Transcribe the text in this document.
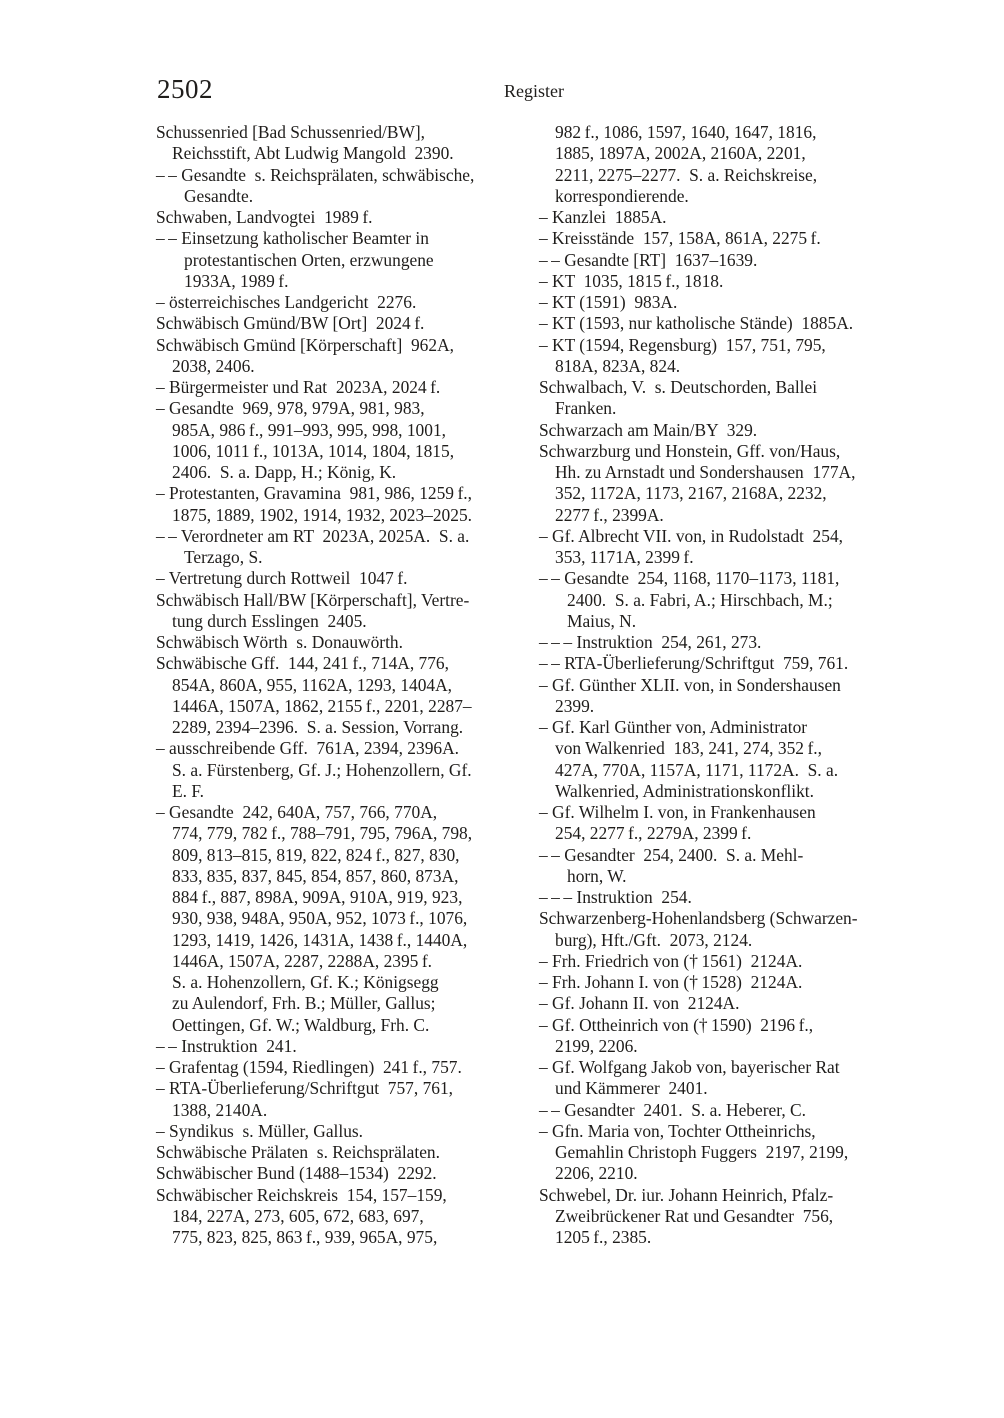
2502	Register
Schussenried [Bad Schussenried/BW],
Reichsstift, Abt Ludwig Mangold  2390.
– – Gesandte  s. Reichsprälaten, schwäbische,
Gesandte.
Schwaben, Landvogtei  1989 f.
– – Einsetzung katholischer Beamter in
protestantischen Orten, erzwungene
1933A, 1989 f.
– österreichisches Landgericht  2276.
Schwäbisch Gmünd/BW [Ort]  2024 f.
Schwäbisch Gmünd [Körperschaft]  962A,
2038, 2406.
– Bürgermeister und Rat  2023A, 2024 f.
– Gesandte  969, 978, 979A, 981, 983,
985A, 986 f., 991–993, 995, 998, 1001,
1006, 1011 f., 1013A, 1014, 1804, 1815,
2406.  S. a. Dapp, H.; König, K.
– Protestanten, Gravamina  981, 986, 1259 f.,
1875, 1889, 1902, 1914, 1932, 2023–2025.
– – Verordneter am RT  2023A, 2025A.  S. a.
Terzago, S.
– Vertretung durch Rottweil  1047 f.
Schwäbisch Hall/BW [Körperschaft], Vertre-
tung durch Esslingen  2405.
Schwäbisch Wörth  s. Donauwörth.
Schwäbische Gff.  144, 241 f., 714A, 776,
854A, 860A, 955, 1162A, 1293, 1404A,
1446A, 1507A, 1862, 2155 f., 2201, 2287–
2289, 2394–2396.  S. a. Session, Vorrang.
– ausschreibende Gff.  761A, 2394, 2396A.
S. a. Fürstenberg, Gf. J.; Hohenzollern, Gf.
E. F.
– Gesandte  242, 640A, 757, 766, 770A,
774, 779, 782 f., 788–791, 795, 796A, 798,
809, 813–815, 819, 822, 824 f., 827, 830,
833, 835, 837, 845, 854, 857, 860, 873A,
884 f., 887, 898A, 909A, 910A, 919, 923,
930, 938, 948A, 950A, 952, 1073 f., 1076,
1293, 1419, 1426, 1431A, 1438 f., 1440A,
1446A, 1507A, 2287, 2288A, 2395 f.
S. a. Hohenzollern, Gf. K.; Königsegg
zu Aulendorf, Frh. B.; Müller, Gallus;
Oettingen, Gf. W.; Waldburg, Frh. C.
– – Instruktion  241.
– Grafentag (1594, Riedlingen)  241 f., 757.
– RTA-Überlieferung/Schriftgut  757, 761,
1388, 2140A.
– Syndikus  s. Müller, Gallus.
Schwäbische Prälaten  s. Reichsprälaten.
Schwäbischer Bund (1488–1534)  2292.
Schwäbischer Reichskreis  154, 157–159,
184, 227A, 273, 605, 672, 683, 697,
775, 823, 825, 863 f., 939, 965A, 975,
982 f., 1086, 1597, 1640, 1647, 1816,
1885, 1897A, 2002A, 2160A, 2201,
2211, 2275–2277.  S. a. Reichskreise,
korrespondierende.
– Kanzlei  1885A.
– Kreisstände  157, 158A, 861A, 2275 f.
– – Gesandte [RT]  1637–1639.
– KT  1035, 1815 f., 1818.
– KT (1591)  983A.
– KT (1593, nur katholische Stände)  1885A.
– KT (1594, Regensburg)  157, 751, 795,
818A, 823A, 824.
Schwalbach, V.  s. Deutschorden, Ballei
Franken.
Schwarzach am Main/BY  329.
Schwarzburg und Honstein, Gff. von/Haus,
Hh. zu Arnstadt und Sondershausen  177A,
352, 1172A, 1173, 2167, 2168A, 2232,
2277 f., 2399A.
– Gf. Albrecht VII. von, in Rudolstadt  254,
353, 1171A, 2399 f.
– – Gesandte  254, 1168, 1170–1173, 1181,
2400.  S. a. Fabri, A.; Hirschbach, M.;
Maius, N.
– – – Instruktion  254, 261, 273.
– – RTA-Überlieferung/Schriftgut  759, 761.
– Gf. Günther XLII. von, in Sondershausen
2399.
– Gf. Karl Günther von, Administrator
von Walkenried  183, 241, 274, 352 f.,
427A, 770A, 1157A, 1171, 1172A.  S. a.
Walkenried, Administrationskonflikt.
– Gf. Wilhelm I. von, in Frankenhausen
254, 2277 f., 2279A, 2399 f.
– – Gesandter  254, 2400.  S. a. Mehl-
horn, W.
– – – Instruktion  254.
Schwarzenberg-Hohenlandsberg (Schwarzen-
burg), Hft./Gft.  2073, 2124.
– Frh. Friedrich von († 1561)  2124A.
– Frh. Johann I. von († 1528)  2124A.
– Gf. Johann II. von  2124A.
– Gf. Ottheinrich von († 1590)  2196 f.,
2199, 2206.
– Gf. Wolfgang Jakob von, bayerischer Rat
und Kämmerer  2401.
– – Gesandter  2401.  S. a. Heberer, C.
– Gfn. Maria von, Tochter Ottheinrichs,
Gemahlin Christoph Fuggers  2197, 2199,
2206, 2210.
Schwebel, Dr. iur. Johann Heinrich, Pfalz-
Zweibrückener Rat und Gesandter  756,
1205 f., 2385.
